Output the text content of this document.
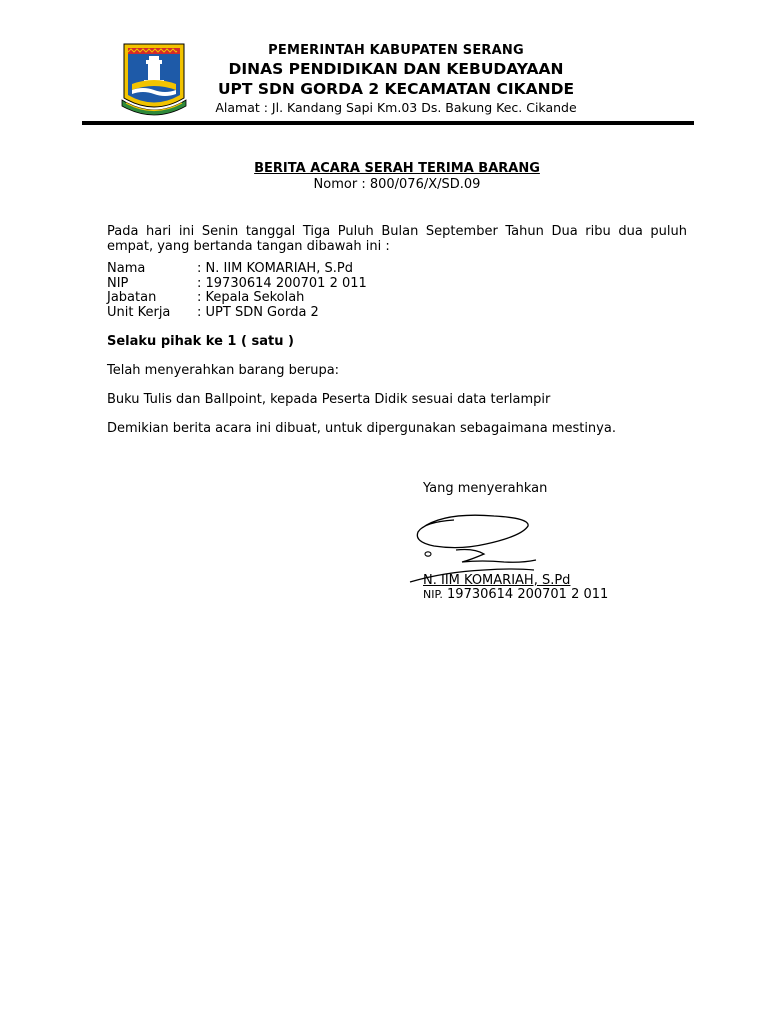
PEMERINTAH KABUPATEN SERANG
DINAS PENDIDIKAN DAN KEBUDAYAAN
UPT SDN GORDA 2 KECAMATAN CIKANDE
Alamat : Jl. Kandang Sapi Km.03 Ds. Bakung Kec. Cikande
BERITA ACARA SERAH TERIMA BARANG
Nomor : 800/076/X/SD.09

Pada hari ini Senin tanggal Tiga Puluh Bulan September Tahun Dua ribu dua puluh empat, yang bertanda tangan dibawah ini :

Nama	: N. IIM KOMARIAH, S.Pd
NIP	: 19730614 200701 2 011
Jabatan	: Kepala Sekolah
Unit Kerja	: UPT SDN Gorda 2
Selaku pihak ke 1 ( satu )
Telah menyerahkan barang berupa:
Buku Tulis dan Ballpoint, kepada Peserta Didik sesuai data terlampir

Demikian berita acara ini dibuat, untuk dipergunakan sebagaimana mestinya.

Yang menyerahkan
N. IIM KOMARIAH, S.Pd
NIP. 19730614 200701 2 011
